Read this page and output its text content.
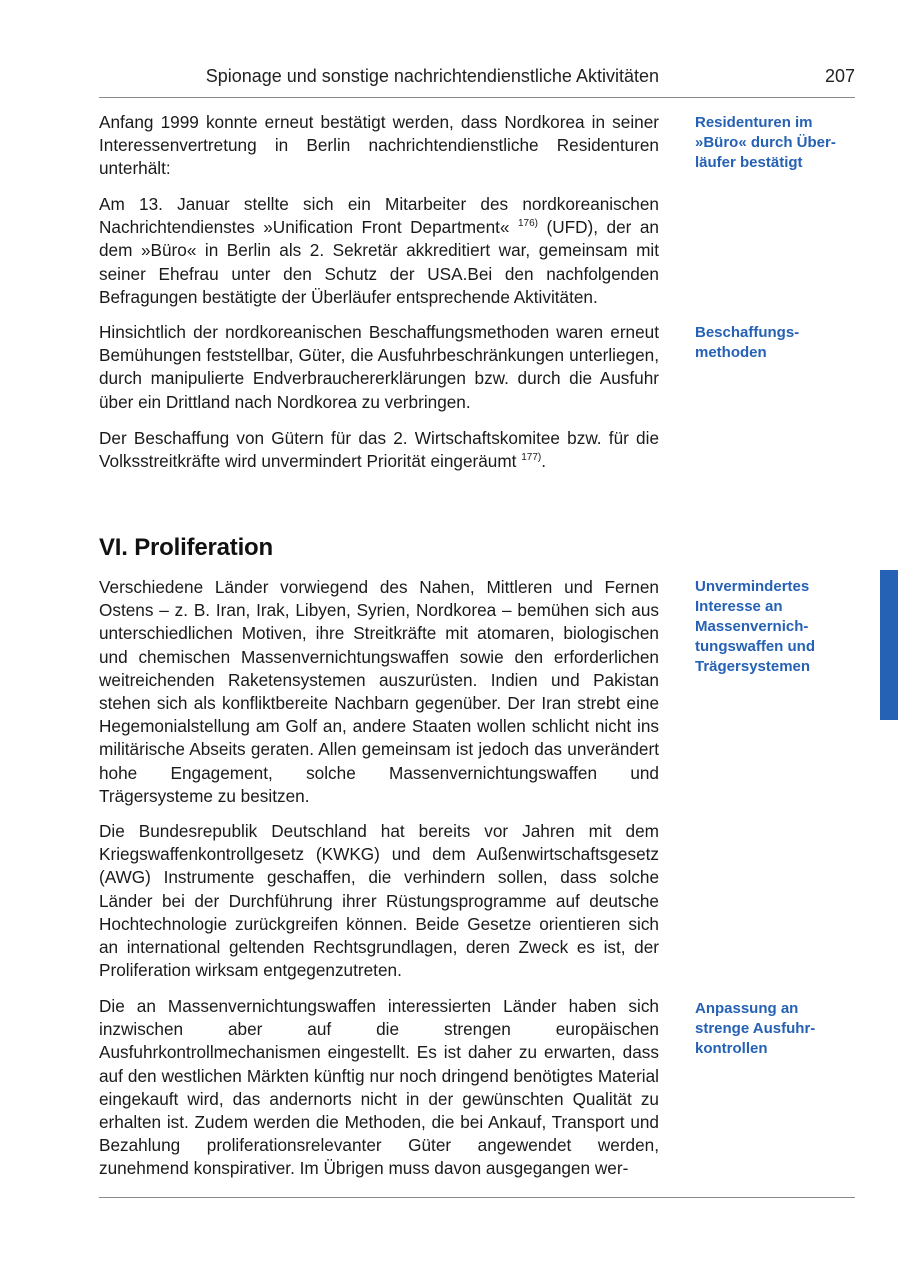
Spionage und sonstige nachrichtendienstliche Aktivitäten	207

Anfang 1999 konnte erneut bestätigt werden, dass Nordkorea in seiner Interessenvertretung in Berlin nachrichtendienstliche Residenturen unterhält:

Am 13. Januar stellte sich ein Mitarbeiter des nordkoreanischen Nachrichtendienstes »Unification Front Department« $^{176)}$ (UFD), der an dem »Büro« in Berlin als 2. Sekretär akkreditiert war, gemeinsam mit seiner Ehefrau unter den Schutz der USA.Bei den nachfolgenden Befragungen bestätigte der Überläufer entsprechende Aktivitäten.

Hinsichtlich der nordkoreanischen Beschaffungsmethoden waren erneut Bemühungen feststellbar, Güter, die Ausfuhrbeschränkungen unterliegen, durch manipulierte Endverbrauchererklärungen bzw. durch die Ausfuhr über ein Drittland nach Nordkorea zu verbringen.

Der Beschaffung von Gütern für das 2. Wirtschaftskomitee bzw. für die Volksstreitkräfte wird unvermindert Priorität eingeräumt $^{177)}$.

VI. Proliferation

Verschiedene Länder vorwiegend des Nahen, Mittleren und Fernen Ostens – z. B. Iran, Irak, Libyen, Syrien, Nordkorea – bemühen sich aus unterschiedlichen Motiven, ihre Streitkräfte mit atomaren, biologischen und chemischen Massenvernichtungswaffen sowie den erforderlichen weitreichenden Raketensystemen auszurüsten. Indien und Pakistan stehen sich als konfliktbereite Nachbarn gegenüber. Der Iran strebt eine Hegemonialstellung am Golf an, andere Staaten wollen schlicht nicht ins militärische Abseits geraten. Allen gemeinsam ist jedoch das unverändert hohe Engagement, solche Massenvernichtungswaffen und Trägersysteme zu besitzen.

Die Bundesrepublik Deutschland hat bereits vor Jahren mit dem Kriegswaffenkontrollgesetz (KWKG) und dem Außenwirtschaftsgesetz (AWG) Instrumente geschaffen, die verhindern sollen, dass solche Länder bei der Durchführung ihrer Rüstungsprogramme auf deutsche Hochtechnologie zurückgreifen können. Beide Gesetze orientieren sich an international geltenden Rechtsgrundlagen, deren Zweck es ist, der Proliferation wirksam entgegenzutreten.

Die an Massenvernichtungswaffen interessierten Länder haben sich inzwischen aber auf die strengen europäischen Ausfuhrkontrollmechanismen eingestellt. Es ist daher zu erwarten, dass auf den westlichen Märkten künftig nur noch dringend benötigtes Material eingekauft wird, das andernorts nicht in der gewünschten Qualität zu erhalten ist. Zudem werden die Methoden, die bei Ankauf, Transport und Bezahlung proliferationsrelevanter Güter angewendet werden, zunehmend konspirativer. Im Übrigen muss davon ausgegangen wer-

Residenturen im
»Büro« durch Über-
läufer bestätigt
Beschaffungs-
methoden
Unvermindertes
Interesse an
Massenvernich-
tungswaffen und
Trägersystemen
Anpassung an
strenge Ausfuhr-
kontrollen
